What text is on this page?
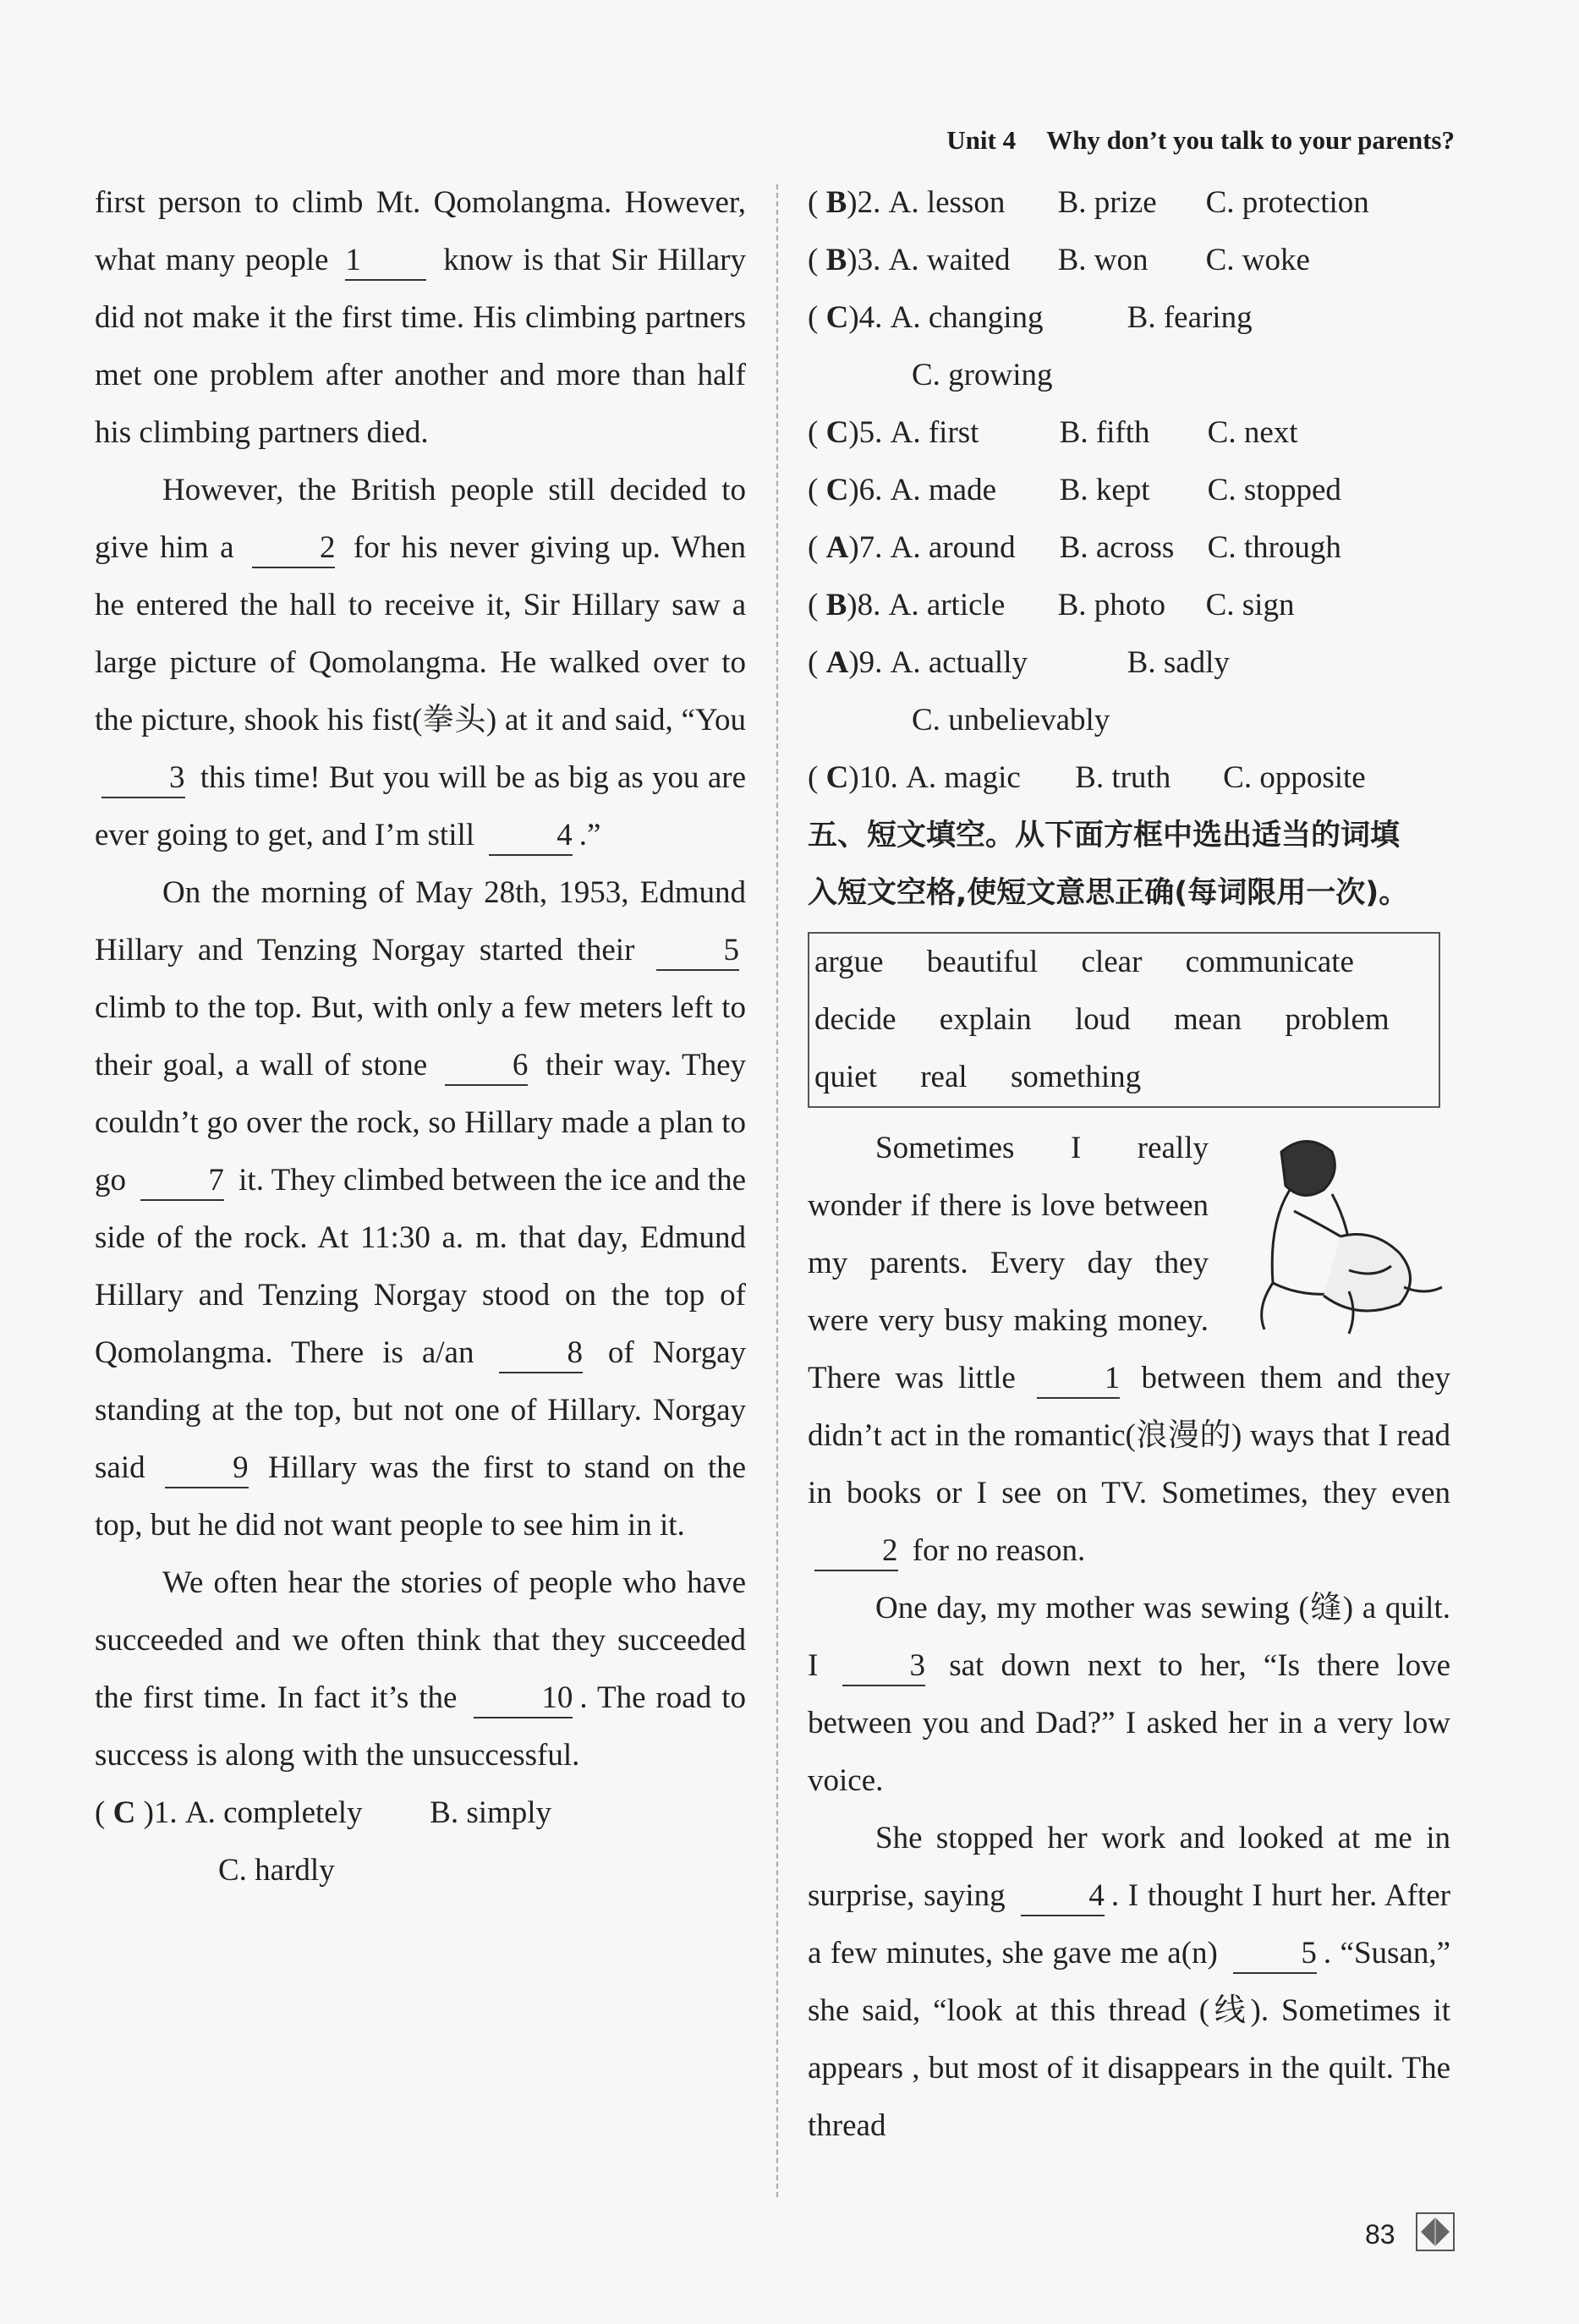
Unit 4 Why don’t you talk to your parents?

first person to climb Mt. Qomolangma. However, what many people 1	know is that Sir Hillary did not make it the first time. His climbing partners met one problem after another and more than half his climbing partners died.

However, the British people still decided to give him a	2 for his never giving up. When he entered the hall to receive it, Sir Hillary saw a large picture of Qomolangma. He walked over to the picture, shook his fist(拳头) at it and said, “You 3 this time! But you will be as big as you are ever going to get, and I’m still	4 .”

On the morning of May 28th, 1953, Edmund Hillary and Tenzing Norgay started their	5 climb to the top. But, with only a few meters left to their goal, a wall of stone	6 their way. They couldn’t go over the rock, so Hillary made a plan to go	7 it. They climbed between the ice and the side of the rock. At 11:30 a. m. that day, Edmund Hillary and Tenzing Norgay stood on the top of Qomolangma. There is a/an	8 of Norgay standing at the top, but not one of Hillary. Norgay said	9 Hillary was the first to stand on the top, but he did not want people to see him in it.

We often hear the stories of people who have succeeded and we often think that they succeeded the first time. In fact it’s the	10 . The road to success is along with the unsuccessful.

( C )1. A. completely B. simply

C. hardly

( B)2. A. lesson B. prize C. protection

( B)3. A. waited B. won C. woke

( C)4. A. changing	B. fearing

C. growing

( C)5. A. first	B. fifth C. next

( C)6. A. made B. kept C. stopped

( A)7. A. around B. across C. through

( B)8. A. article B. photo C. sign

( A)9. A. actually	B. sadly

C. unbelievably

( C)10. A. magic B. truth C. opposite

五、短文填空。从下面方框中选出适当的词填

入短文空格,使短文意思正确(每词限用一次)。

argue beautiful clear communicate

decide explain loud mean problem

quiet real something

Sometimes I really wonder if there is love between my parents. Every day they were very busy making money. There was little	1 between them and they didn’t act in the romantic(浪漫的) ways that I read in books or I see on TV. Sometimes, they even 2 for no reason.

One day, my mother was sewing (缝) a quilt. I	3 sat down next to her, “Is there love between you and Dad?” I asked her in a very low voice.

She stopped her work and looked at me in surprise, saying	4 . I thought I hurt her. After a few minutes, she gave me a(n)	5 . “Susan,” she said, “look at this thread (线). Sometimes it appears , but most of it disappears in the quilt. The thread

83
